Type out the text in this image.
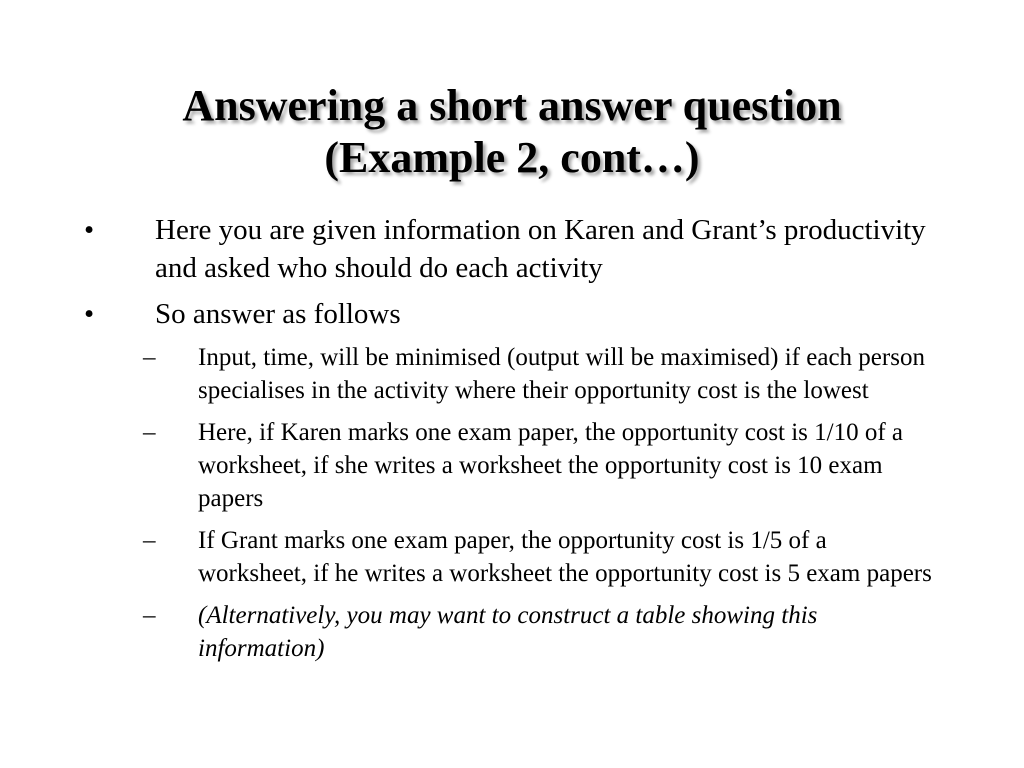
Answering a short answer question
(Example 2, cont…)
• Here you are given information on Karen and Grant’s productivity and asked who should do each activity
• So answer as follows
– Input, time, will be minimised (output will be maximised) if each person specialises in the activity where their opportunity cost is the lowest
– Here, if Karen marks one exam paper, the opportunity cost is 1/10 of a worksheet, if she writes a worksheet the opportunity cost is 10 exam papers
– If Grant marks one exam paper, the opportunity cost is 1/5 of a worksheet, if he writes a worksheet the opportunity cost is 5 exam papers
– (Alternatively, you may want to construct a table showing this information)
